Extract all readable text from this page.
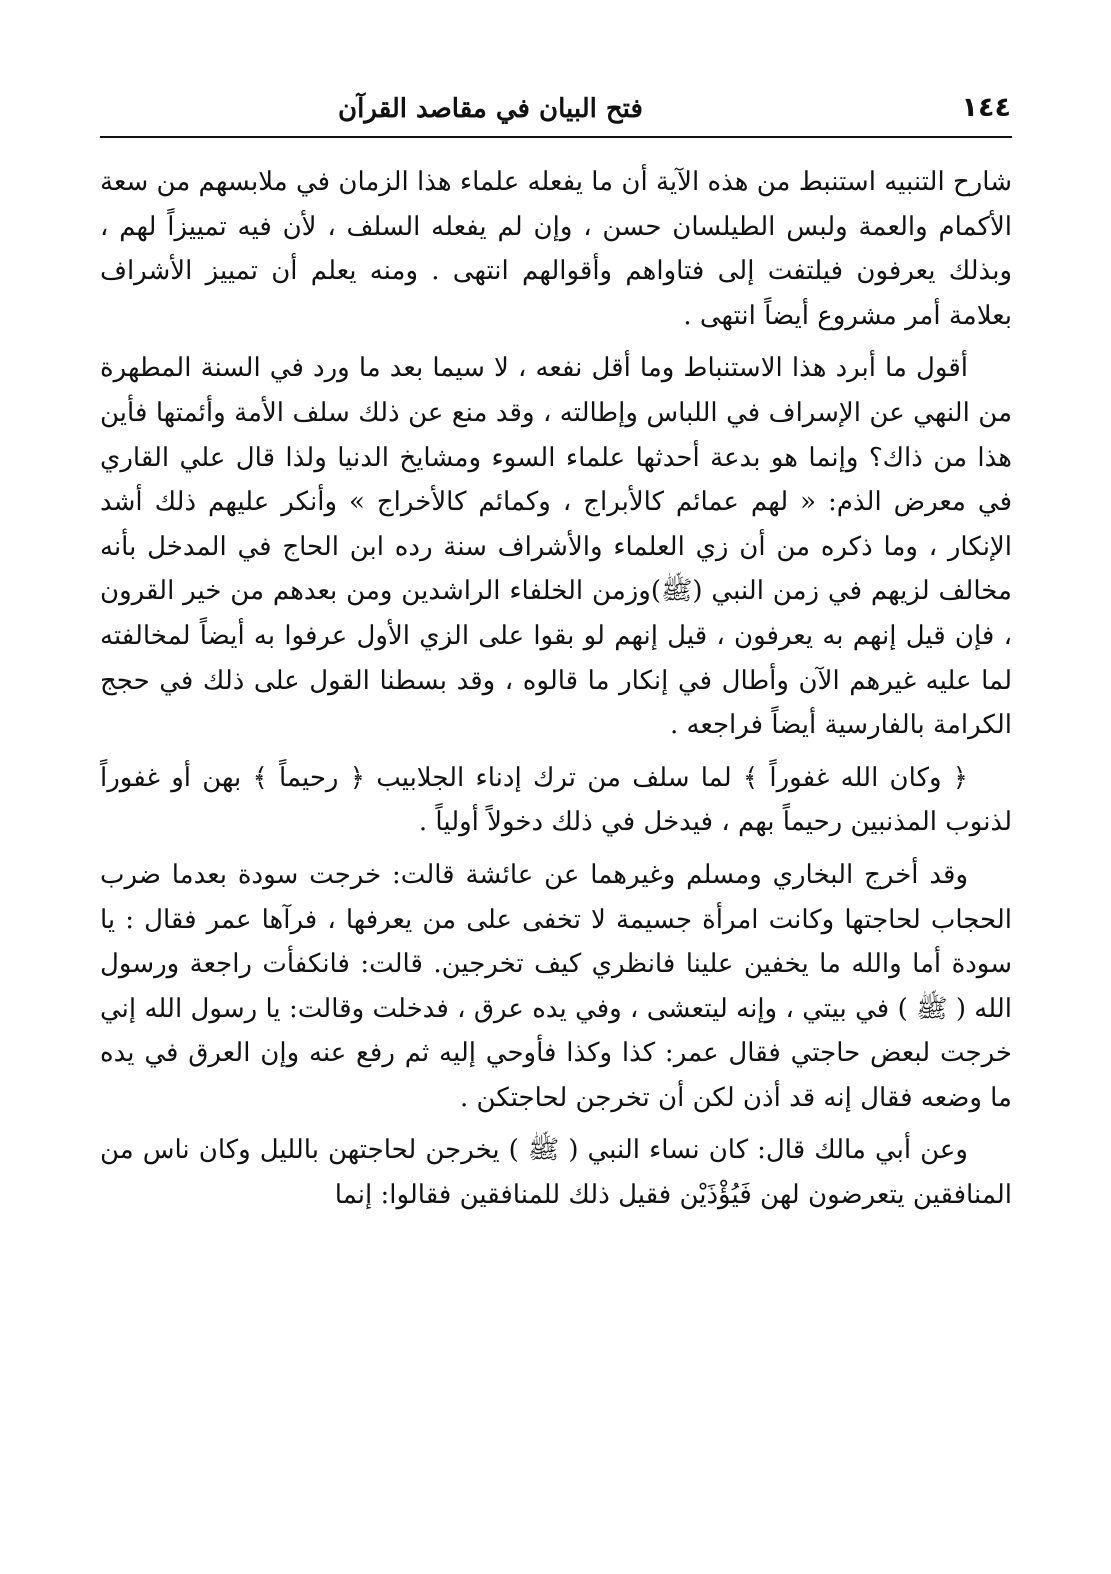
١٤٤
فتح البيان في مقاصد القرآن

شارح التنبيه استنبط من هذه الآية أن ما يفعله علماء هذا الزمان في ملابسهم من سعة الأكمام والعمة ولبس الطيلسان حسن ، وإن لم يفعله السلف ، لأن فيه تمييزاً لهم ، وبذلك يعرفون فيلتفت إلى فتاواهم وأقوالهم انتهى . ومنه يعلم أن تمييز الأشراف بعلامة أمر مشروع أيضاً انتهى .

أقول ما أبرد هذا الاستنباط وما أقل نفعه ، لا سيما بعد ما ورد في السنة المطهرة من النهي عن الإسراف في اللباس وإطالته ، وقد منع عن ذلك سلف الأمة وأئمتها فأين هذا من ذاك؟ وإنما هو بدعة أحدثها علماء السوء ومشايخ الدنيا ولذا قال علي القاري في معرض الذم: « لهم عمائم كالأبراج ، وكمائم كالأخراج » وأنكر عليهم ذلك أشد الإنكار ، وما ذكره من أن زي العلماء والأشراف سنة رده ابن الحاج في المدخل بأنه مخالف لزيهم في زمن النبي (ﷺ)وزمن الخلفاء الراشدين ومن بعدهم من خير القرون ، فإن قيل إنهم به يعرفون ، قيل إنهم لو بقوا على الزي الأول عرفوا به أيضاً لمخالفته لما عليه غيرهم الآن وأطال في إنكار ما قالوه ، وقد بسطنا القول على ذلك في حجج الكرامة بالفارسية أيضاً فراجعه .

﴿ وكان الله غفوراً ﴾ لما سلف من ترك إدناء الجلابيب ﴿ رحيماً ﴾ بهن أو غفوراً لذنوب المذنبين رحيماً بهم ، فيدخل في ذلك دخولاً أولياً .

وقد أخرج البخاري ومسلم وغيرهما عن عائشة قالت: خرجت سودة بعدما ضرب الحجاب لحاجتها وكانت امرأة جسيمة لا تخفى على من يعرفها ، فرآها عمر فقال : يا سودة أما والله ما يخفين علينا فانظري كيف تخرجين. قالت: فانكفأت راجعة ورسول الله ( ﷺ ) في بيتي ، وإنه ليتعشى ، وفي يده عرق ، فدخلت وقالت: يا رسول الله إني خرجت لبعض حاجتي فقال عمر: كذا وكذا فأوحي إليه ثم رفع عنه وإن العرق في يده ما وضعه فقال إنه قد أذن لكن أن تخرجن لحاجتكن .

وعن أبي مالك قال: كان نساء النبي ( ﷺ ) يخرجن لحاجتهن بالليل وكان ناس من المنافقين يتعرضون لهن فَيُؤْذَيْن فقيل ذلك للمنافقين فقالوا: إنما
